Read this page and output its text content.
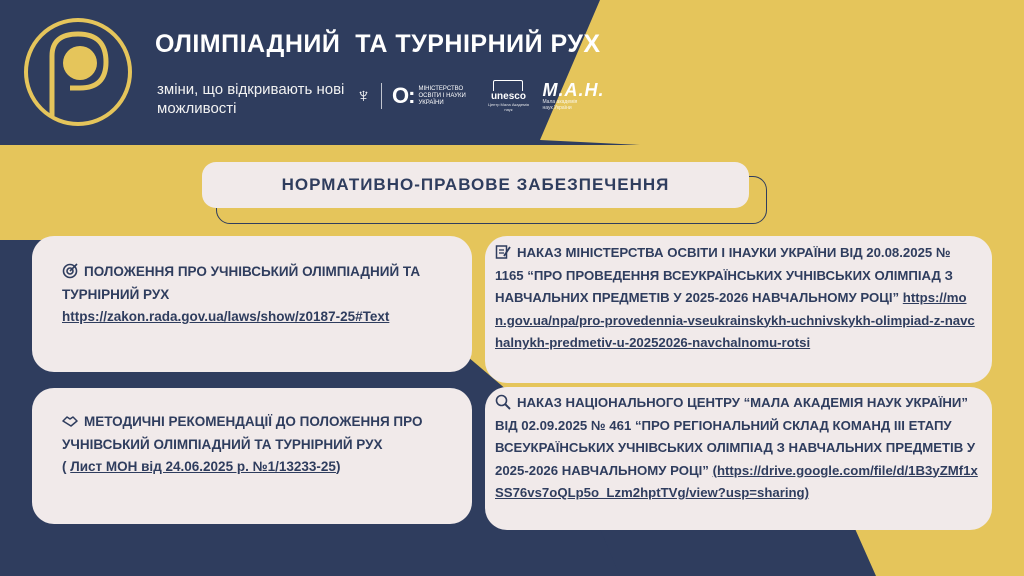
ОЛІМПІАДНИЙ  ТА ТУРНІРНИЙ РУХ
зміни, що відкривають нові можливості
♆ O: МІНІСТЕРСТВО ОСВІТИ І НАУКИ УКРАЇНИ
unesco
Центр Мала Академія наук
М.А.Н.
Мала академія наук України
НОРМАТИВНО-ПРАВОВЕ ЗАБЕЗПЕЧЕННЯ
ПОЛОЖЕННЯ ПРО УЧНІВСЬКИЙ ОЛІМПІАДНИЙ ТА ТУРНІРНИЙ РУХ
https://zakon.rada.gov.ua/laws/show/z0187-25#Text
МЕТОДИЧНІ РЕКОМЕНДАЦІЇ ДО ПОЛОЖЕННЯ ПРО УЧНІВСЬКИЙ ОЛІМПІАДНИЙ ТА ТУРНІРНИЙ РУХ
( Лист МОН від 24.06.2025 р. №1/13233-25)
НАКАЗ МІНІСТЕРСТВА ОСВІТИ І ІНАУКИ УКРАЇНИ ВІД 20.08.2025 № 1165 “ПРО ПРОВЕДЕННЯ ВСЕУКРАЇНСЬКИХ УЧНІВСЬКИХ ОЛІМПІАД З НАВЧАЛЬНИХ ПРЕДМЕТІВ У 2025-2026 НАВЧАЛЬНОМУ РОЦІ” https://mon.gov.ua/npa/pro-provedennia-vseukrainskykh-uchnivskykh-olimpiad-z-navchalnykh-predmetiv-u-20252026-navchalnomu-rotsi
НАКАЗ НАЦІОНАЛЬНОГО ЦЕНТРУ “МАЛА АКАДЕМІЯ НАУК УКРАЇНИ” ВІД 02.09.2025 № 461 “ПРО РЕГІОНАЛЬНИЙ СКЛАД КОМАНД ІІІ ЕТАПУ ВСЕУКРАЇНСЬКИХ УЧНІВСЬКИХ ОЛІМПІАД З НАВЧАЛЬНИХ ПРЕДМЕТІВ У 2025-2026 НАВЧАЛЬНОМУ РОЦІ” (https://drive.google.com/file/d/1B3yZMf1xSS76vs7oQLp5o_Lzm2hptTVg/view?usp=sharing)
